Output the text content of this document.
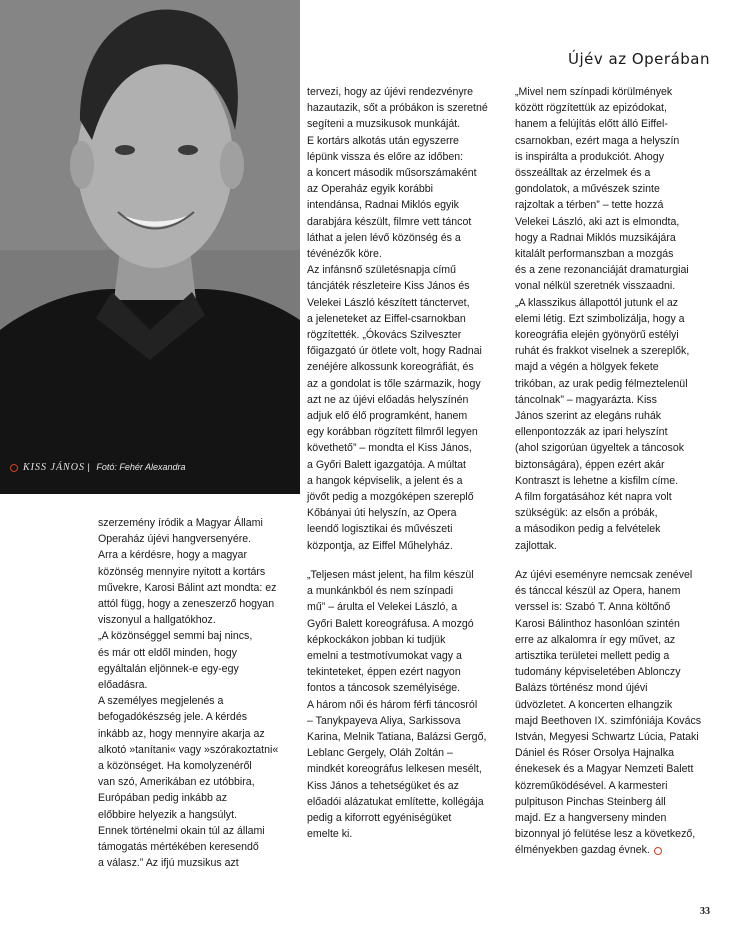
KISS JÁNOS | Fotó: Fehér Alexandra
Újév az Operában

szerzemény íródik a Magyar Állami

Operaház újévi hangversenyére.

Arra a kérdésre, hogy a magyar

közönség mennyire nyitott a kortárs

művekre, Karosi Bálint azt mondta: ez

attól függ, hogy a zeneszerző hogyan

viszonyul a hallgatókhoz.

„A közönséggel semmi baj nincs,

és már ott eldől minden, hogy

egyáltalán eljönnek-e egy-egy

előadásra.

A személyes megjelenés a

befogadókészség jele. A kérdés

inkább az, hogy mennyire akarja az

alkotó »tanítani« vagy »szórakoztatni«

a közönséget. Ha komolyzenéről

van szó, Amerikában ez utóbbira,

Európában pedig inkább az

előbbire helyezik a hangsúlyt.

Ennek történelmi okain túl az állami

támogatás mértékében keresendő

a válasz.” Az ifjú muzsikus azt

tervezi, hogy az újévi rendezvényre

hazautazik, sőt a próbákon is szeretné

segíteni a muzsikusok munkáját.

E kortárs alkotás után egyszerre

lépünk vissza és előre az időben:

a koncert második műsorszámaként

az Operaház egyik korábbi

intendánsa, Radnai Miklós egyik

darabjára készült, filmre vett táncot

láthat a jelen lévő közönség és a

tévénézők köre.

Az infánsnő születésnapja című

táncjáték részleteire Kiss János és

Velekei László készített tánctervet,

a jeleneteket az Eiffel-csarnokban

rögzítették. „Ókovács Szilveszter

főigazgató úr ötlete volt, hogy Radnai

zenéjére alkossunk koreográfiát, és

az a gondolat is tőle származik, hogy

azt ne az újévi előadás helyszínén

adjuk elő élő programként, hanem

egy korábban rögzített filmről legyen

követhető” – mondta el Kiss János,

a Győri Balett igazgatója. A múltat

a hangok képviselik, a jelent és a

jövőt pedig a mozgóképen szereplő

Kőbányai úti helyszín, az Opera

leendő logisztikai és művészeti

központja, az Eiffel Műhelyház.

„Teljesen mást jelent, ha film készül

a munkánkból és nem színpadi

mű” – árulta el Velekei László, a

Győri Balett koreográfusa. A mozgó

képkockákon jobban ki tudjük

emelni a testmotívumokat vagy a

tekinteteket, éppen ezért nagyon

fontos a táncosok személyisége.

A három női és három férfi táncosról

– Tanykpayeva Aliya, Sarkissova

Karina, Melnik Tatiana, Balázsi Gergő,

Leblanc Gergely, Oláh Zoltán –

mindkét koreográfus lelkesen mesélt,

Kiss János a tehetségüket és az

előadói alázatukat említette, kollégája

pedig a kiforrott egyéniségüket

emelte ki.

„Mivel nem színpadi körülmények

között rögzítettük az epizódokat,

hanem a felújítás előtt álló Eiffel-

csarnokban, ezért maga a helyszín

is inspirálta a produkciót. Ahogy

összeálltak az érzelmek és a

gondolatok, a művészek szinte

rajzoltak a térben” – tette hozzá

Velekei László, aki azt is elmondta,

hogy a Radnai Miklós muzsikájára

kitalált performanszban a mozgás

és a zene rezonanciáját dramaturgiai

vonal nélkül szeretnék visszaadni.

„A klasszikus állapottól jutunk el az

elemi létig. Ezt szimbolizálja, hogy a

koreográfia elején gyönyörű estélyi

ruhát és frakkot viselnek a szereplők,

majd a végén a hölgyek fekete

trikóban, az urak pedig félmeztelenül

táncolnak” – magyarázta. Kiss

János szerint az elegáns ruhák

ellenpontozzák az ipari helyszínt

(ahol szigorúan ügyeltek a táncosok

biztonságára), éppen ezért akár

Kontraszt is lehetne a kisfilm címe.

A film forgatásához két napra volt

szükségük: az elsőn a próbák,

a másodikon pedig a felvételek

zajlottak.

Az újévi eseményre nemcsak zenével

és tánccal készül az Opera, hanem

verssel is: Szabó T. Anna költőnő

Karosi Bálinthoz hasonlóan szintén

erre az alkalomra ír egy művet, az

artisztika területei mellett pedig a

tudomány képviseletében Ablonczy

Balázs történész mond újévi

üdvözletet. A koncerten elhangzik

majd Beethoven IX. szimfóniája Kovács

István, Megyesi Schwartz Lúcia, Pataki

Dániel és Róser Orsolya Hajnalka

énekesek és a Magyar Nemzeti Balett

közreműködésével. A karmesteri

pulpituson Pinchas Steinberg áll

majd. Ez a hangverseny minden

bizonnyal jó felütése lesz a következő,

élményekben gazdag évnek.

33
